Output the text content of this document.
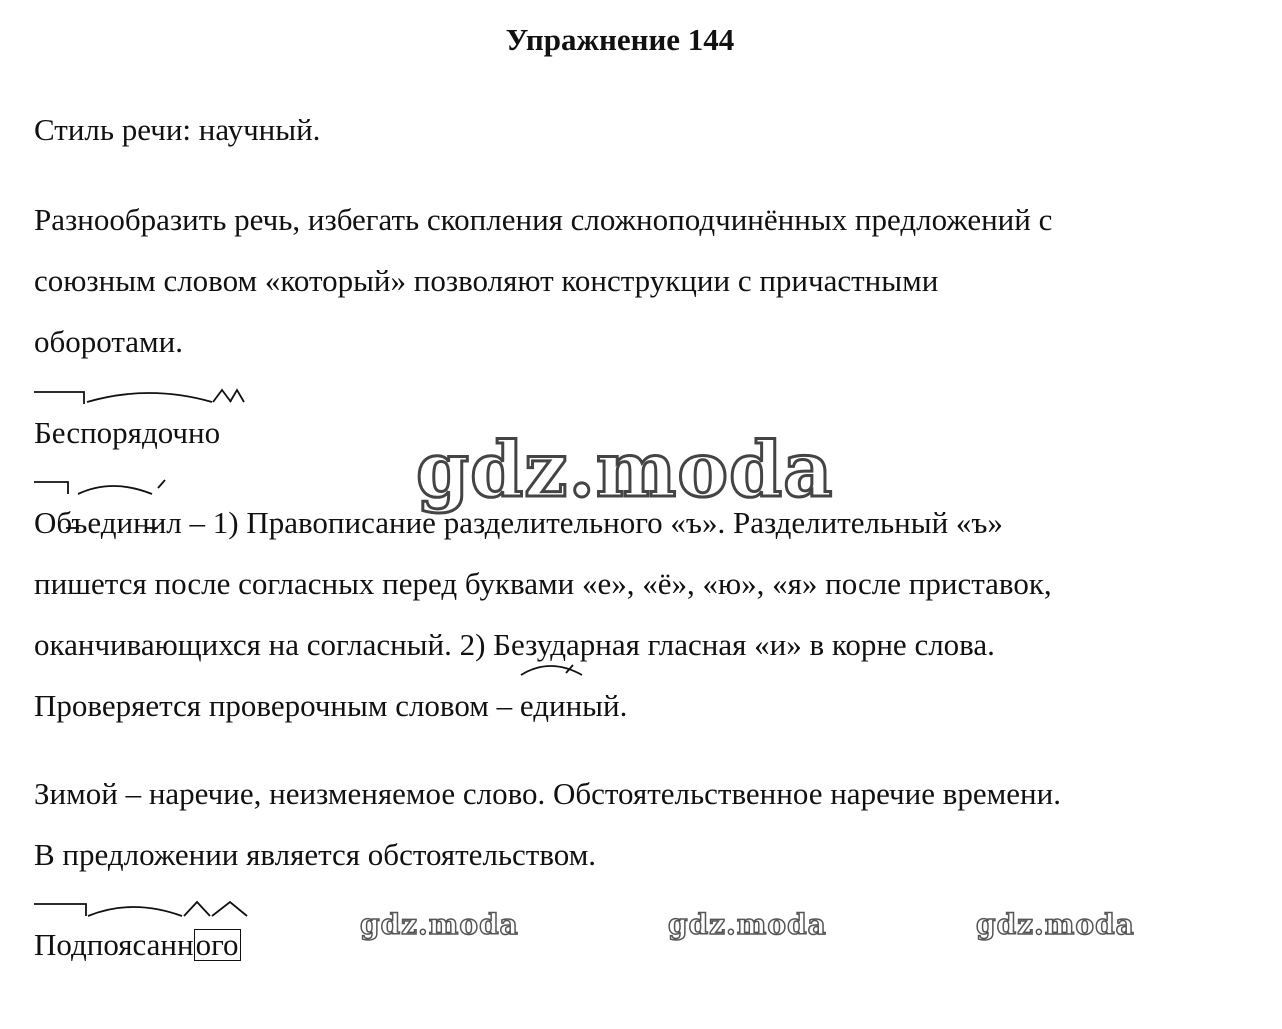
Упражнение 144
Стиль речи: научный.
Разнообразить речь, избегать скопления сложноподчинённых предложений с
союзным словом «который» позволяют конструкции с причастными
оборотами.
Беспорядочно
Объединил
– 1) Правописание разделительного «ъ». Разделительный «ъ»
пишется после согласных перед буквами «е», «ё», «ю», «я» после приставок,
оканчивающихся на согласный. 2) Безударная гласная «и» в корне слова.
Проверяется проверочным словом – единый
.
Зимой – наречие, неизменяемое слово. Обстоятельственное наречие времени.
В предложении является обстоятельством.
Подпоясанного
gdz.moda
gdz.moda	gdz.moda	gdz.moda
